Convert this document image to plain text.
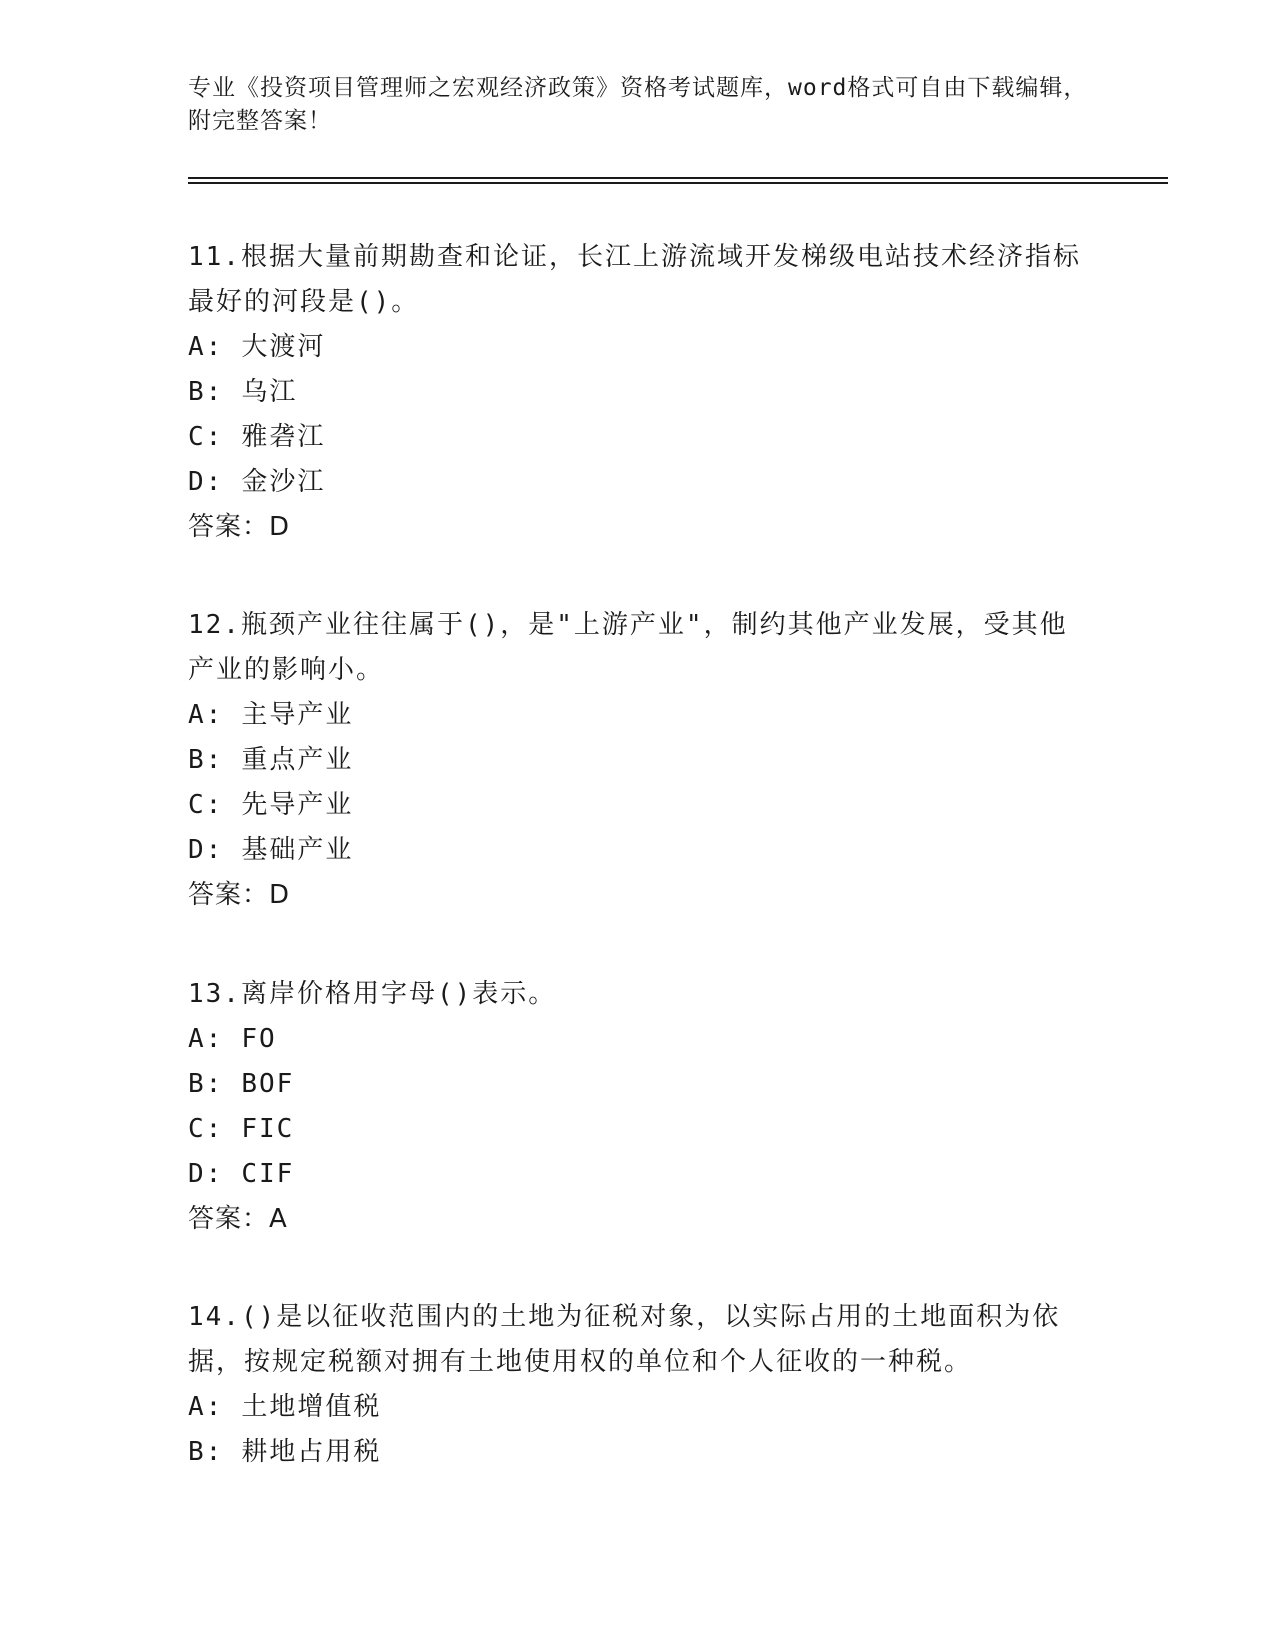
专业《投资项目管理师之宏观经济政策》资格考试题库，word格式可自由下载编辑，附完整答案！
11.根据大量前期勘查和论证，长江上游流域开发梯级电站技术经济指标最好的河段是()。
A: 大渡河
B: 乌江
C: 雅砻江
D: 金沙江
答案：D
12.瓶颈产业往往属于()，是"上游产业"，制约其他产业发展，受其他产业的影响小。
A: 主导产业
B: 重点产业
C: 先导产业
D: 基础产业
答案：D
13.离岸价格用字母()表示。
A: FO
B: BOF
C: FIC
D: CIF
答案：A
14.()是以征收范围内的土地为征税对象，以实际占用的土地面积为依据，按规定税额对拥有土地使用权的单位和个人征收的一种税。
A: 土地增值税
B: 耕地占用税
